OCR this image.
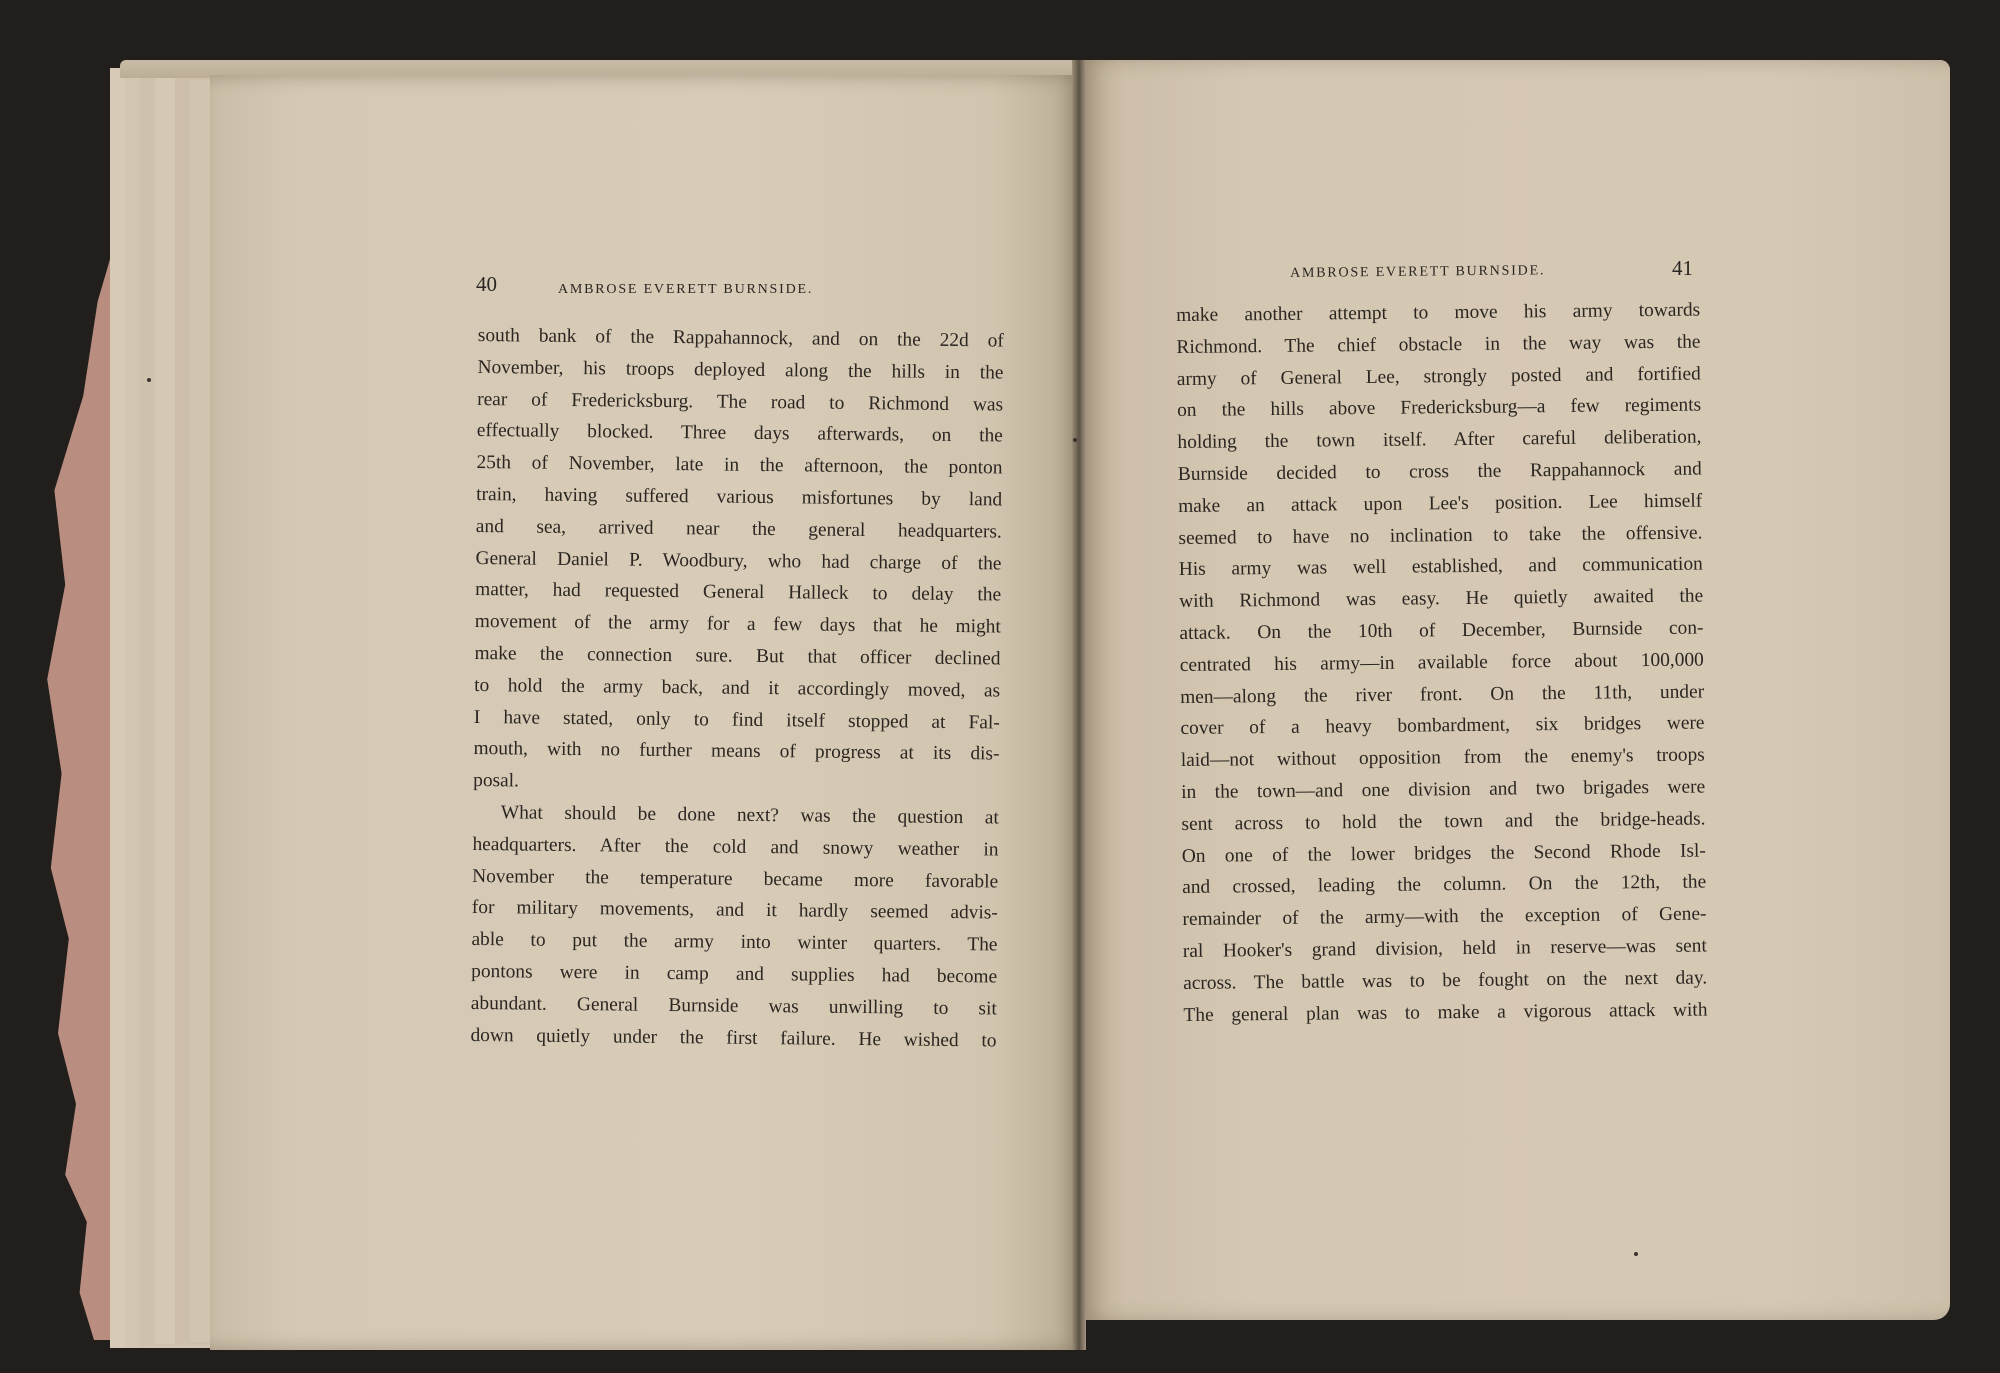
40	AMBROSE EVERETT BURNSIDE.
south bank of the Rappahannock, and on the 22d of
November, his troops deployed along the hills in the
rear of Fredericksburg. The road to Richmond was
effectually blocked. Three days afterwards, on the
25th of November, late in the afternoon, the ponton
train, having suffered various misfortunes by land
and sea, arrived near the general headquarters.
General Daniel P. Woodbury, who had charge of the
matter, had requested General Halleck to delay the
movement of the army for a few days that he might
make the connection sure. But that officer declined
to hold the army back, and it accordingly moved, as
I have stated, only to find itself stopped at Fal-
mouth, with no further means of progress at its dis-
posal.
What should be done next? was the question at
headquarters. After the cold and snowy weather in
November the temperature became more favorable
for military movements, and it hardly seemed advis-
able to put the army into winter quarters. The
pontons were in camp and supplies had become
abundant. General Burnside was unwilling to sit
down quietly under the first failure. He wished to
AMBROSE EVERETT BURNSIDE.	41
make another attempt to move his army towards
Richmond. The chief obstacle in the way was the
army of General Lee, strongly posted and fortified
on the hills above Fredericksburg—a few regiments
holding the town itself. After careful deliberation,
Burnside decided to cross the Rappahannock and
make an attack upon Lee's position. Lee himself
seemed to have no inclination to take the offensive.
His army was well established, and communication
with Richmond was easy. He quietly awaited the
attack. On the 10th of December, Burnside con-
centrated his army—in available force about 100,000
men—along the river front. On the 11th, under
cover of a heavy bombardment, six bridges were
laid—not without opposition from the enemy's troops
in the town—and one division and two brigades were
sent across to hold the town and the bridge-heads.
On one of the lower bridges the Second Rhode Isl-
and crossed, leading the column. On the 12th, the
remainder of the army—with the exception of Gene-
ral Hooker's grand division, held in reserve—was sent
across. The battle was to be fought on the next day.
The general plan was to make a vigorous attack with
